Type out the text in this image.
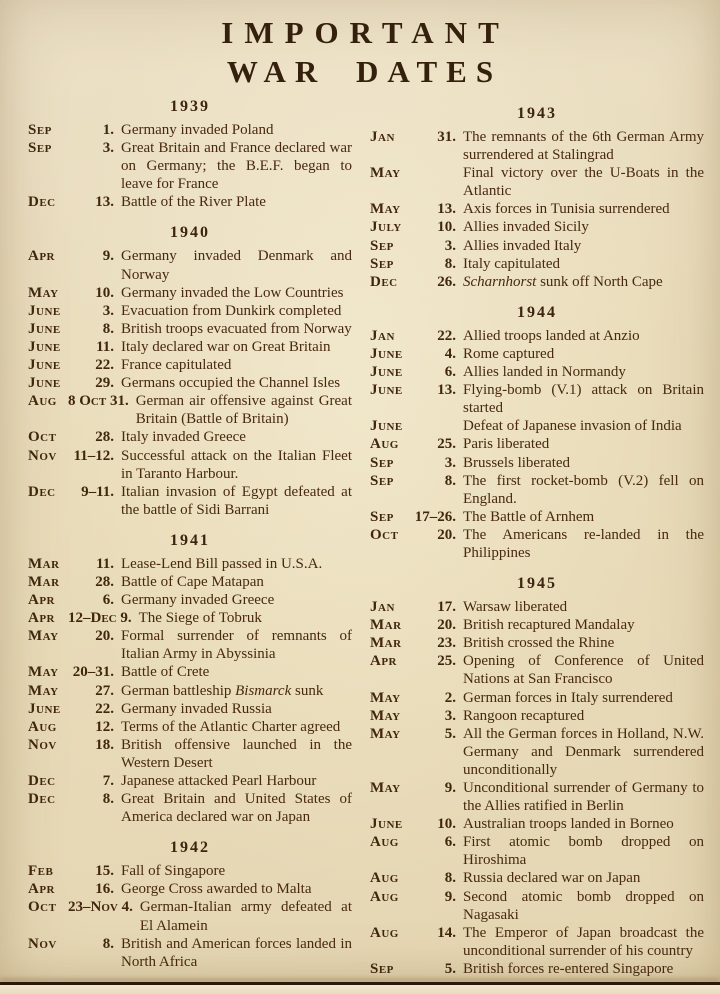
IMPORTANT
WAR DATES
1939
Sep	1. Germany invaded Poland
Sep	3. Great Britain and France declared war on Germany; the B.E.F. began to leave for France
Dec	13. Battle of the River Plate
1940
Apr	9. Germany invaded Denmark and Norway
May	10. Germany invaded the Low Countries
June	3. Evacuation from Dunkirk completed
June	8. British troops evacuated from Norway
June	11. Italy declared war on Great Britain
June	22. France capitulated
June	29. Germans occupied the Channel Isles
Aug 8 Oct 31. German air offensive against Great Britain (Battle of Britain)
Oct	28. Italy invaded Greece
Nov	11–12. Successful attack on the Italian Fleet in Taranto Harbour.
Dec	9–11. Italian invasion of Egypt defeated at the battle of Sidi Barrani
1941
Mar	11. Lease-Lend Bill passed in U.S.A.
Mar	28. Battle of Cape Matapan
Apr	6. Germany invaded Greece
Apr 12–Dec 9. The Siege of Tobruk
May	20. Formal surrender of remnants of Italian Army in Abyssinia
May 20–31. Battle of Crete
May	27. German battleship Bismarck sunk
June	22. Germany invaded Russia
Aug	12. Terms of the Atlantic Charter agreed
Nov	18. British offensive launched in the Western Desert
Dec	7. Japanese attacked Pearl Harbour
Dec	8. Great Britain and United States of America declared war on Japan
1942
Feb	15. Fall of Singapore
Apr	16. George Cross awarded to Malta
Oct 23–Nov 4. German-Italian army defeated at El Alamein
Nov	8. British and American forces landed in North Africa
1943
Jan	31. The remnants of the 6th German Army surrendered at Stalingrad
May	Final victory over the U-Boats in the Atlantic
May	13. Axis forces in Tunisia surrendered
July	10. Allies invaded Sicily
Sep	3. Allies invaded Italy
Sep	8. Italy capitulated
Dec	26. Scharnhorst sunk off North Cape
1944
Jan	22. Allied troops landed at Anzio
June	4. Rome captured
June	6. Allies landed in Normandy
June	13. Flying-bomb (V.1) attack on Britain started
June	Defeat of Japanese invasion of India
Aug	25. Paris liberated
Sep	3. Brussels liberated
Sep	8. The first rocket-bomb (V.2) fell on England.
Sep	17–26. The Battle of Arnhem
Oct	20. The Americans re-landed in the Philippines
1945
Jan	17. Warsaw liberated
Mar	20. British recaptured Mandalay
Mar	23. British crossed the Rhine
Apr	25. Opening of Conference of United Nations at San Francisco
May	2. German forces in Italy surrendered
May	3. Rangoon recaptured
May	5. All the German forces in Holland, N.W. Germany and Denmark surrendered unconditionally
May	9. Unconditional surrender of Germany to the Allies ratified in Berlin
June	10. Australian troops landed in Borneo
Aug	6. First atomic bomb dropped on Hiroshima
Aug	8. Russia declared war on Japan
Aug	9. Second atomic bomb dropped on Nagasaki
Aug	14. The Emperor of Japan broadcast the unconditional surrender of his country
Sep	5. British forces re-entered Singapore
